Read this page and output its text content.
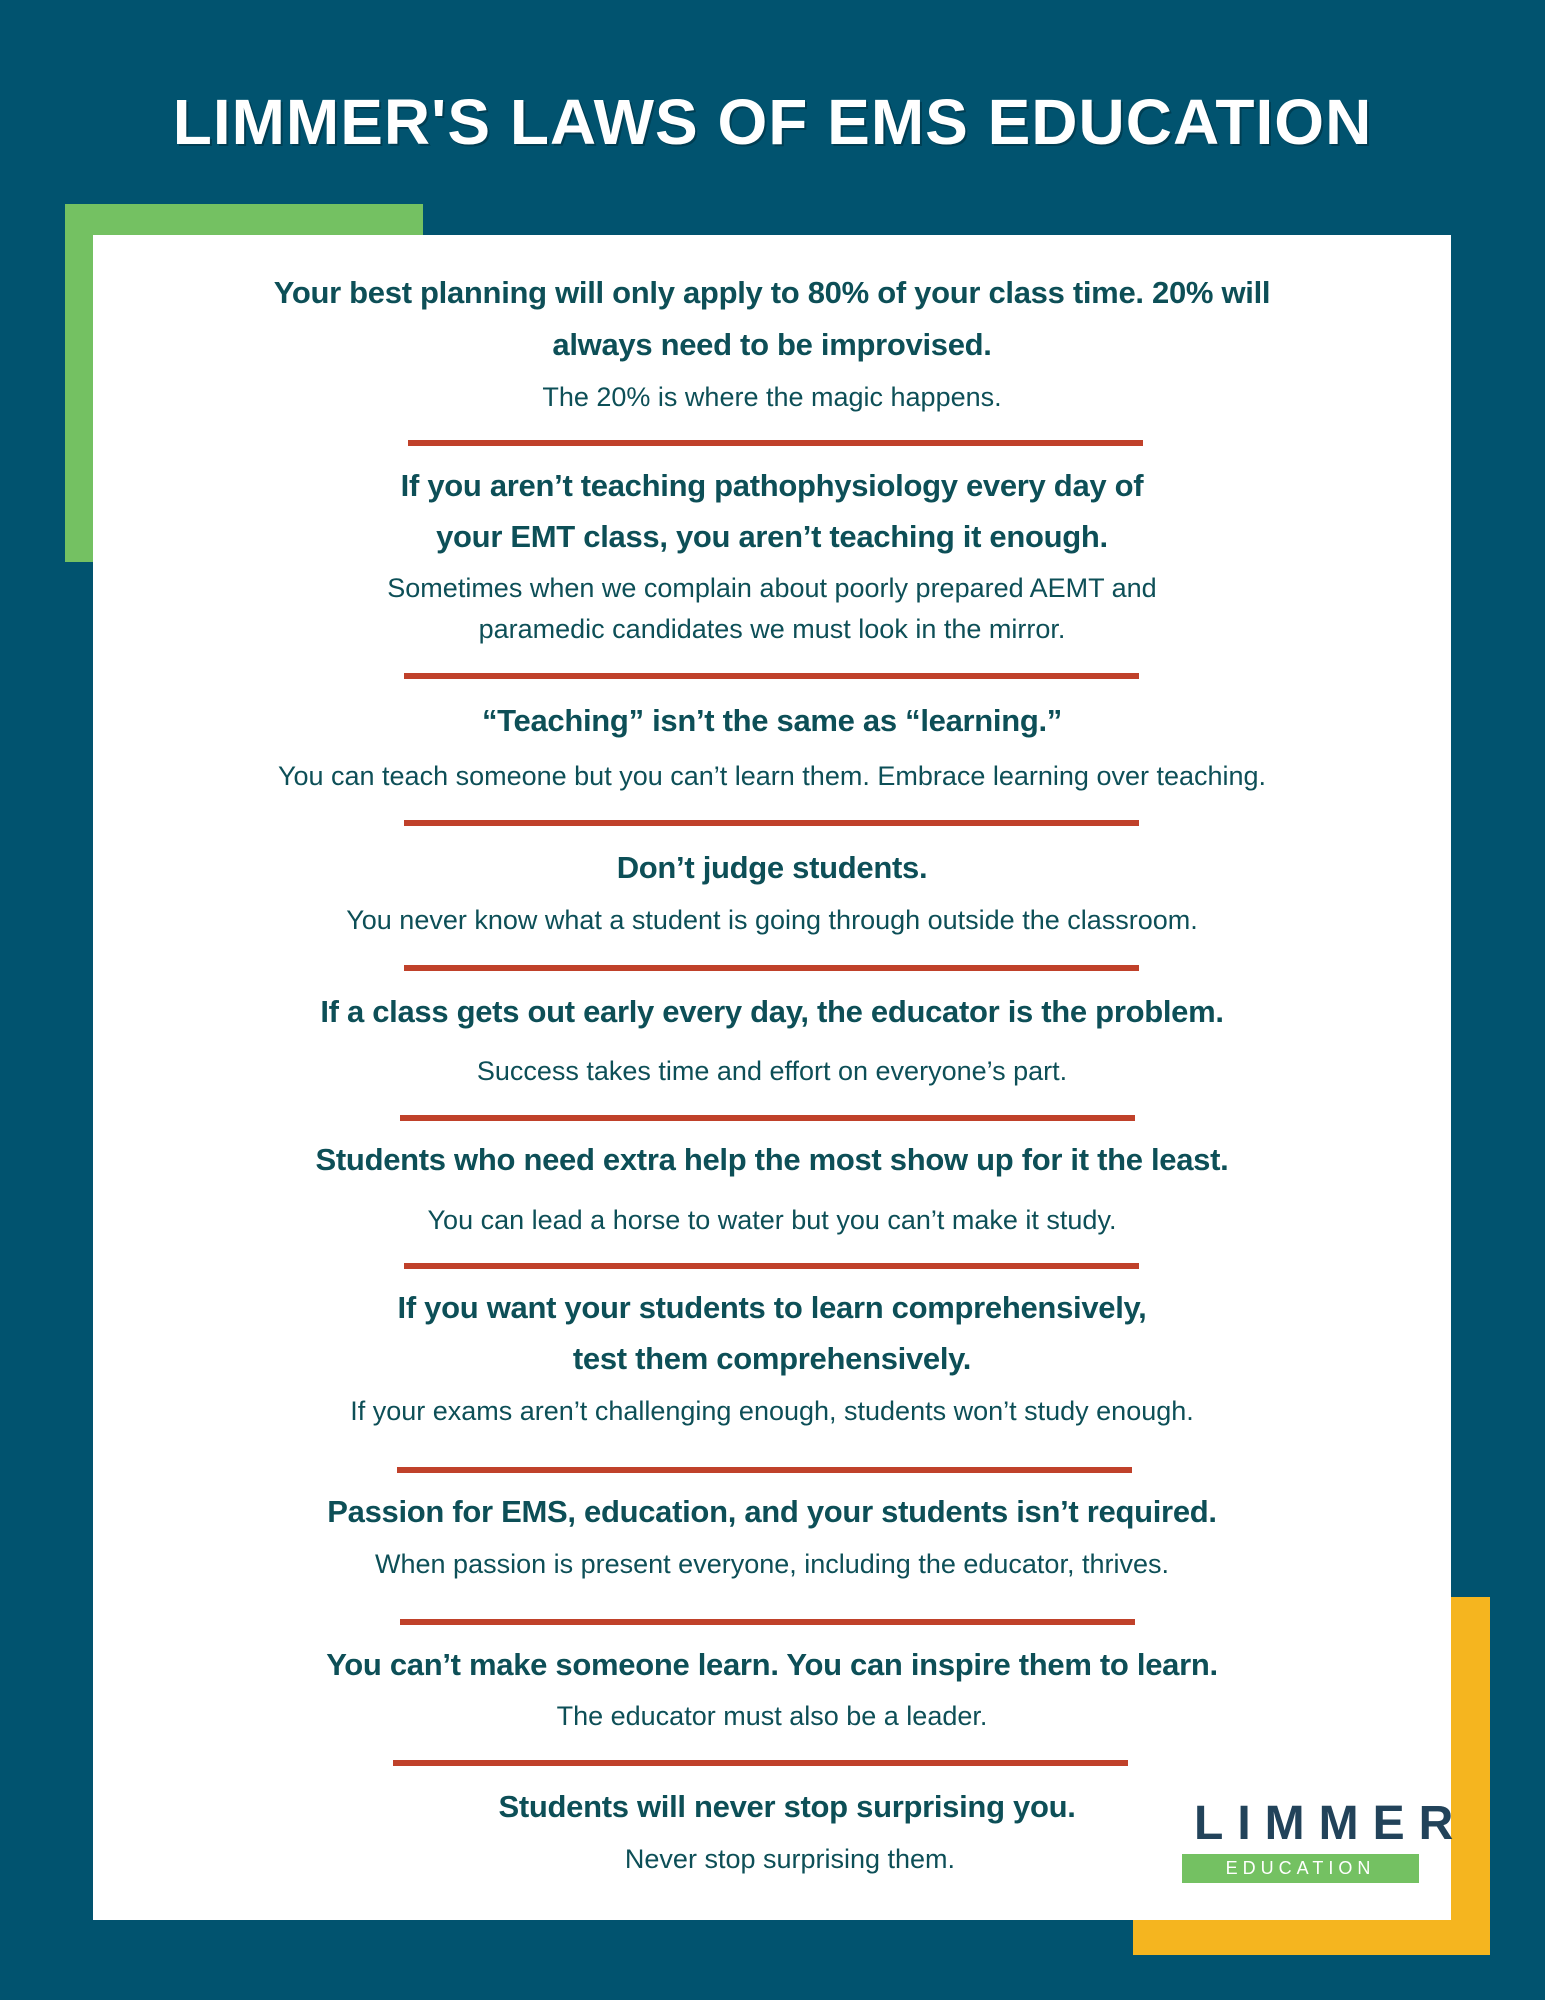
LIMMER'S LAWS OF EMS EDUCATION
Your best planning will only apply to 80% of your class time. 20% will
always need to be improvised.
The 20% is where the magic happens.
If you aren’t teaching pathophysiology every day of
your EMT class, you aren’t teaching it enough.
Sometimes when we complain about poorly prepared AEMT and
paramedic candidates we must look in the mirror.
“Teaching” isn’t the same as “learning.”
You can teach someone but you can’t learn them. Embrace learning over teaching.
Don’t judge students.
You never know what a student is going through outside the classroom.
If a class gets out early every day, the educator is the problem.
Success takes time and effort on everyone’s part.
Students who need extra help the most show up for it the least.
You can lead a horse to water but you can’t make it study.
If you want your students to learn comprehensively,
test them comprehensively.
If your exams aren’t challenging enough, students won’t study enough.
Passion for EMS, education, and your students isn’t required.
When passion is present everyone, including the educator, thrives.
You can’t make someone learn. You can inspire them to learn.
The educator must also be a leader.
Students will never stop surprising you.
Never stop surprising them.
LIMMER
EDUCATION
